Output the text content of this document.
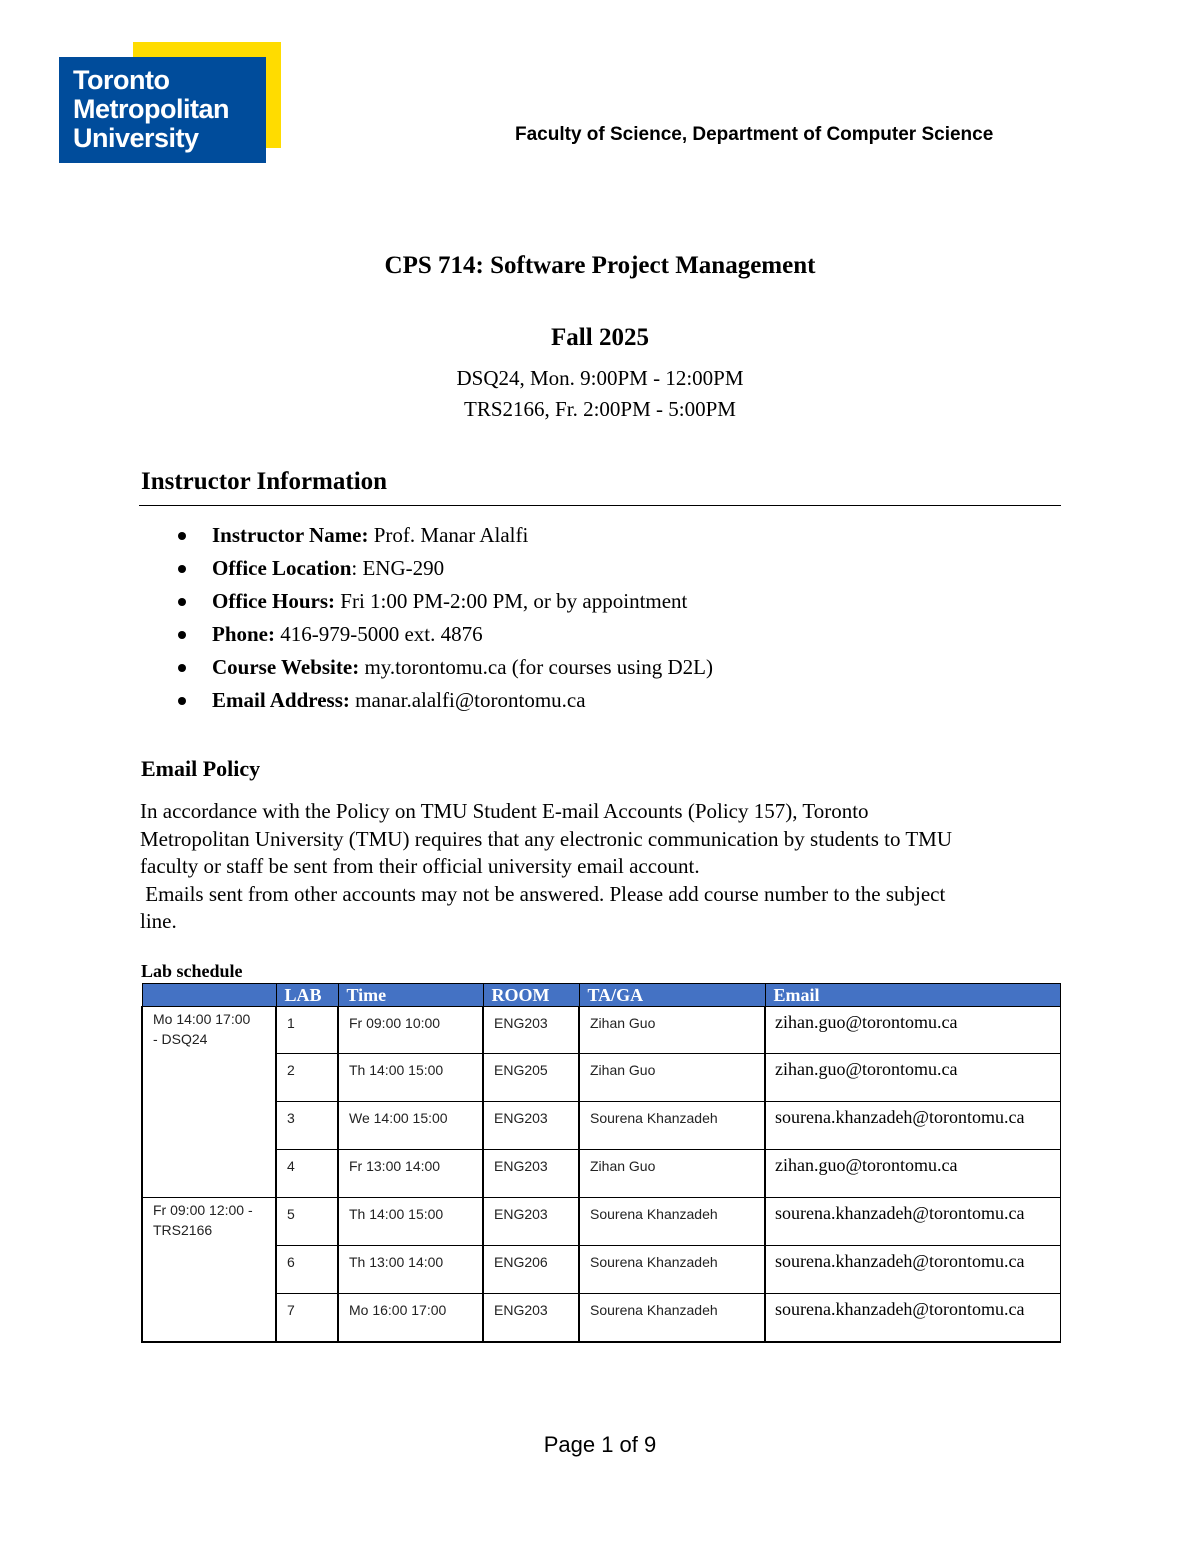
Toronto
Metropolitan
University	Faculty of Science, Department of Computer Science
CPS 714: Software Project Management
Fall 2025
DSQ24, Mon. 9:00PM - 12:00PM
TRS2166, Fr. 2:00PM - 5:00PM
Instructor Information
Instructor Name: Prof. Manar Alalfi
Office Location: ENG-290
Office Hours: Fri 1:00 PM-2:00 PM, or by appointment
Phone: 416-979-5000 ext. 4876
Course Website: my.torontomu.ca (for courses using D2L)
Email Address: manar.alalfi@torontomu.ca
Email Policy
In accordance with the Policy on TMU Student E-mail Accounts (Policy 157), Toronto
Metropolitan University (TMU) requires that any electronic communication by students to TMU
faculty or staff be sent from their official university email account.
Emails sent from other accounts may not be answered. Please add course number to the subject
line.
Lab schedule
	LAB	Time	ROOM	TA/GA	Email

Mo 14:00 17:00
- DSQ24	1	Fr 09:00 10:00	ENG203	Zihan Guo	zihan.guo@torontomu.ca
	2	Th 14:00 15:00	ENG205	Zihan Guo	zihan.guo@torontomu.ca
	3	We 14:00 15:00	ENG203	Sourena Khanzadeh	sourena.khanzadeh@torontomu.ca
	4	Fr 13:00 14:00	ENG203	Zihan Guo	zihan.guo@torontomu.ca

Fr 09:00 12:00 -
TRS2166	5	Th 14:00 15:00	ENG203	Sourena Khanzadeh	sourena.khanzadeh@torontomu.ca
	6	Th 13:00 14:00	ENG206	Sourena Khanzadeh	sourena.khanzadeh@torontomu.ca
	7	Mo 16:00 17:00	ENG203	Sourena Khanzadeh	sourena.khanzadeh@torontomu.ca
Page 1 of 9
